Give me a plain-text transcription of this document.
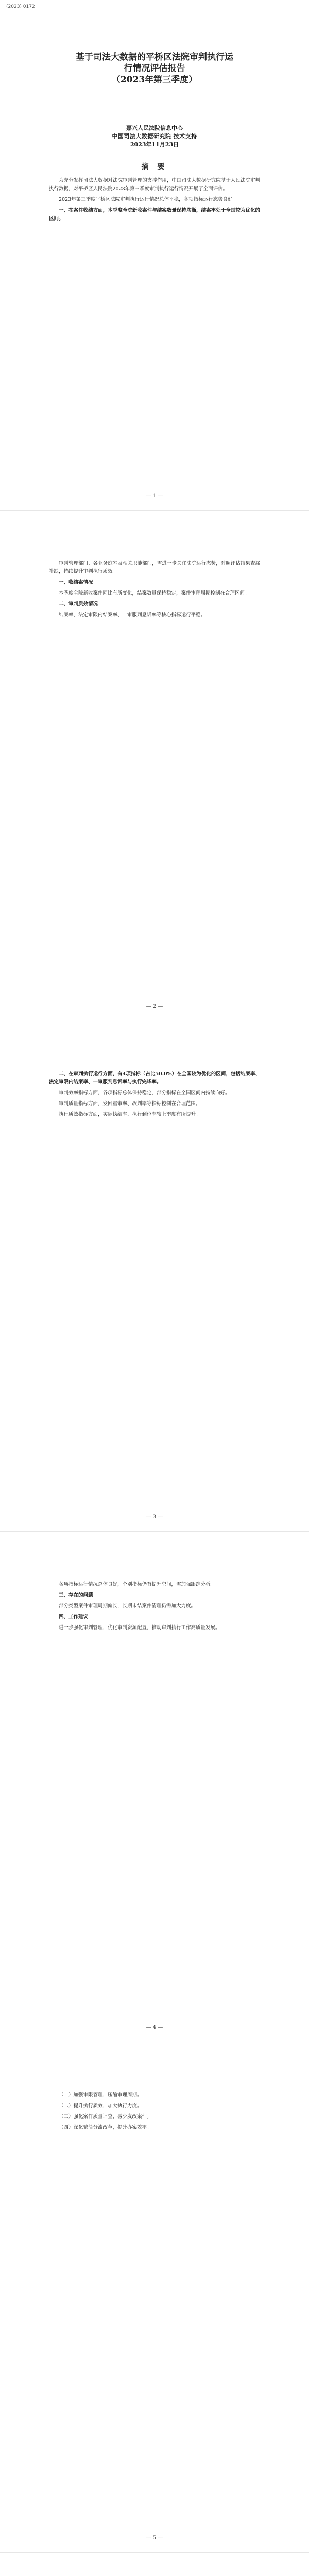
(2023) 0172
基于司法大数据的平桥区法院审判执行运
行情况评估报告
（2023年第三季度）
嘉兴人民法院信息中心
中国司法大数据研究院 技术支持
2023年11月23日
摘 要

为充分发挥司法大数据对法院审判管理的支撑作用，中国司法大数据研究院基于人民法院审判执行数据，对平桥区人民法院2023年第三季度审判执行运行情况开展了全面评估。

2023年第三季度平桥区法院审判执行运行情况总体平稳，各项指标运行态势良好。

一、在案件收结方面，本季度全院新收案件与结案数量保持均衡，结案率处于全国较为优化的区间。

— 1 —

审判管理部门、各业务庭室及相关职能部门，需进一步关注法院运行态势，对照评估结果查漏补缺，持续提升审判执行质效。

一、收结案情况

本季度全院新收案件同比有所变化，结案数量保持稳定，案件审理周期控制在合理区间。

二、审判质效情况

结案率、法定审限内结案率、一审服判息诉率等核心指标运行平稳。

— 2 —

二、在审判执行运行方面，有4项指标（占比50.0%）在全国较为优化的区间，包括结案率、法定审限内结案率、一审服判息诉率与执行完毕率。

审判效率指标方面，各项指标总体保持稳定，部分指标在全国区间内持续向好。

审判质量指标方面，发回重审率、改判率等指标控制在合理范围。

执行质效指标方面，实际执结率、执行到位率较上季度有所提升。

— 3 —

各项指标运行情况总体良好，个别指标仍有提升空间，需加强跟踪分析。

三、存在的问题

部分类型案件审理周期偏长，长期未结案件清理仍需加大力度。

四、工作建议

进一步强化审判管理，优化审判资源配置，推动审判执行工作高质量发展。

— 4 —

（一）加强审限管理，压缩审理周期。

（二）提升执行质效，加大执行力度。

（三）强化案件质量评查，减少发改案件。

（四）深化繁简分流改革，提升办案效率。

— 5 —
